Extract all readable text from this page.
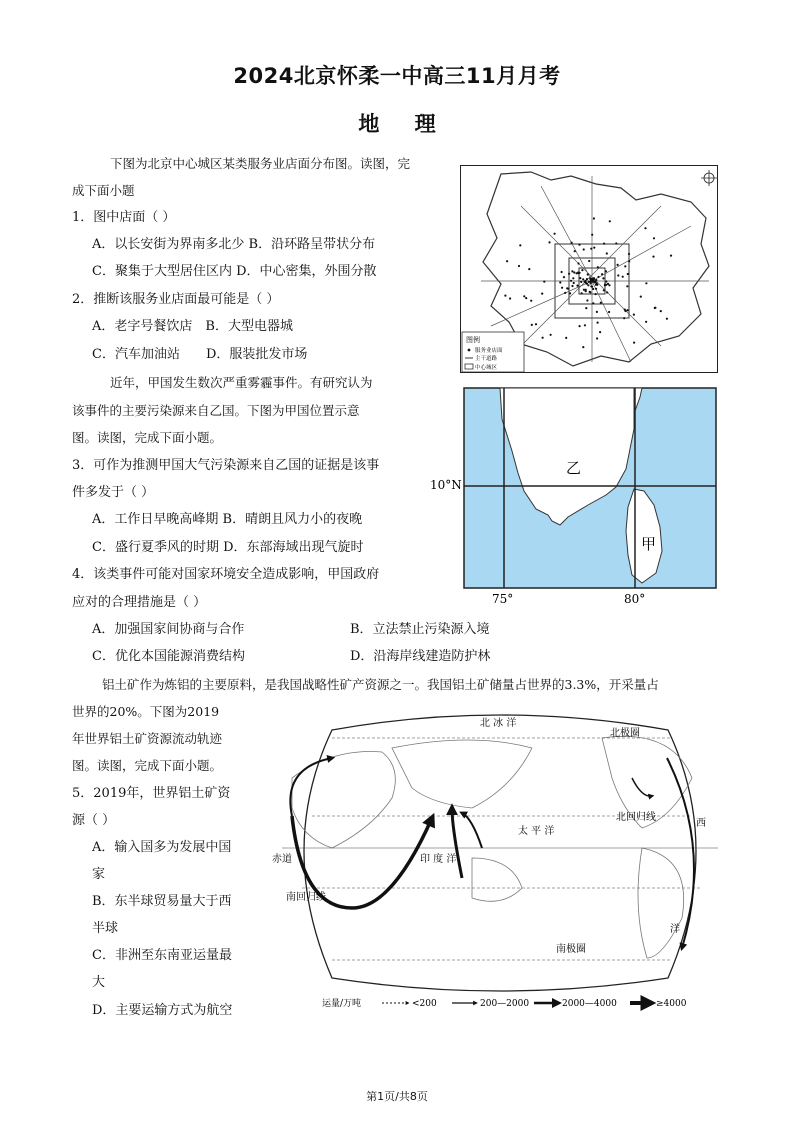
2024北京怀柔一中高三11月月考
地 理
下图为北京中心城区某类服务业店面分布图。读图，完
成下面小题
1．图中店面（ ）
A．以长安街为界南多北少 B．沿环路呈带状分布
C．聚集于大型居住区内 D．中心密集，外围分散
2．推断该服务业店面最可能是（ ）
A．老字号餐饮店　B．大型电器城
C．汽车加油站　　D．服装批发市场
图例
服务业店面
主干道路
中心城区
近年，甲国发生数次严重雾霾事件。有研究认为
该事件的主要污染源来自乙国。下图为甲国位置示意
图。读图，完成下面小题。
3．可作为推测甲国大气污染源来自乙国的证据是该事
件多发于（ ）
A．工作日早晚高峰期 B．晴朗且风力小的夜晚
C．盛行夏季风的时期 D．东部海域出现气旋时
4．该类事件可能对国家环境安全造成影响，甲国政府
应对的合理措施是（ ）
A．加强国家间协商与合作	B．立法禁止污染源入境
C．优化本国能源消费结构	D．沿海岸线建造防护林
10°N
75°	80°
乙
甲
铝土矿作为炼铝的主要原料，是我国战略性矿产资源之一。我国铝土矿储量占世界的3.3%，开采量占
世界的20%。下图为2019
年世界铝土矿资源流动轨迹
图。读图，完成下面小题。
5．2019年，世界铝土矿资
源（ ）
A．输入国多为发展中国
家
B．东半球贸易量大于西
半球
C．非洲至东南亚运量最
大
D．主要运输方式为航空
北 冰 洋
北极圈
北回归线
西
赤道
太 平 洋
南回归线
印 度 洋
洋
南极圈
运量/万吨	<200	200—2000	2000—4000	≥4000
第1页/共8页
